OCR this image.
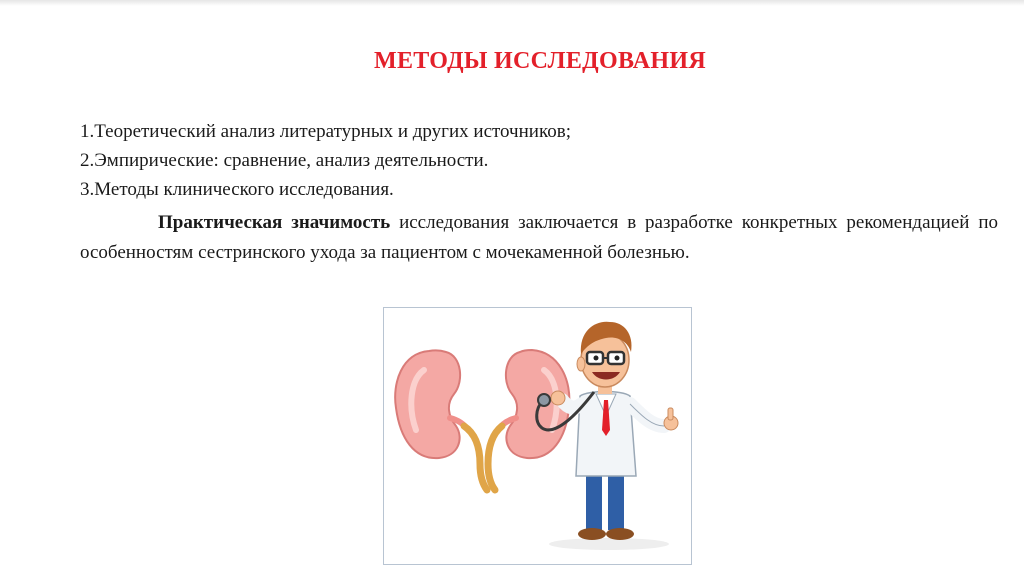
МЕТОДЫ ИССЛЕДОВАНИЯ
1.Теоретический анализ литературных и других источников;
2.Эмпирические: сравнение, анализ деятельности.
3.Методы клинического исследования.
Практическая значимость исследования заключается в разработке конкретных рекомендацией по особенностям сестринского ухода за пациентом с мочекаменной болезнью.
